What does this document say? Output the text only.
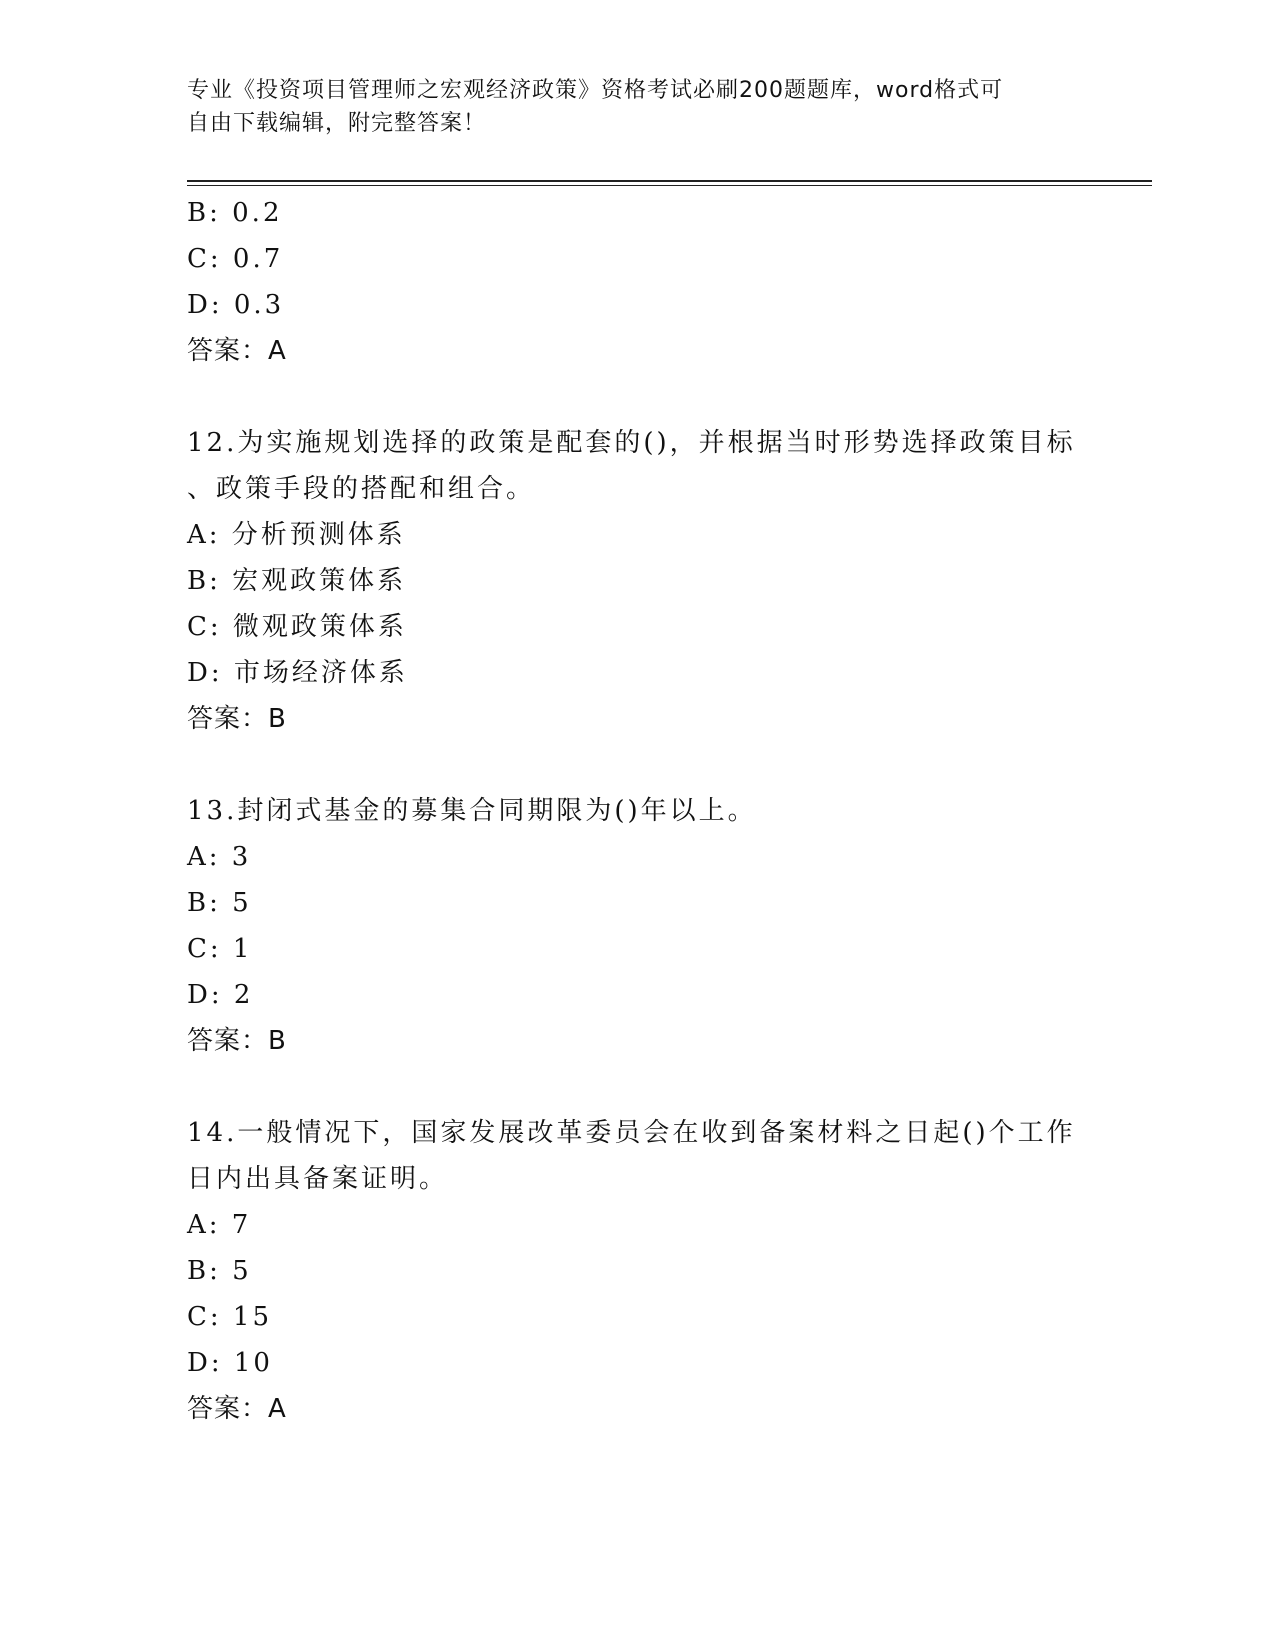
专业《投资项目管理师之宏观经济政策》资格考试必刷200题题库，word格式可
自由下载编辑，附完整答案！
B: 0.2
C: 0.7
D: 0.3
答案：A
12.为实施规划选择的政策是配套的()，并根据当时形势选择政策目标
、政策手段的搭配和组合。
A: 分析预测体系
B: 宏观政策体系
C: 微观政策体系
D: 市场经济体系
答案：B
13.封闭式基金的募集合同期限为()年以上。
A: 3
B: 5
C: 1
D: 2
答案：B
14.一般情况下，国家发展改革委员会在收到备案材料之日起()个工作
日内出具备案证明。
A: 7
B: 5
C: 15
D: 10
答案：A
